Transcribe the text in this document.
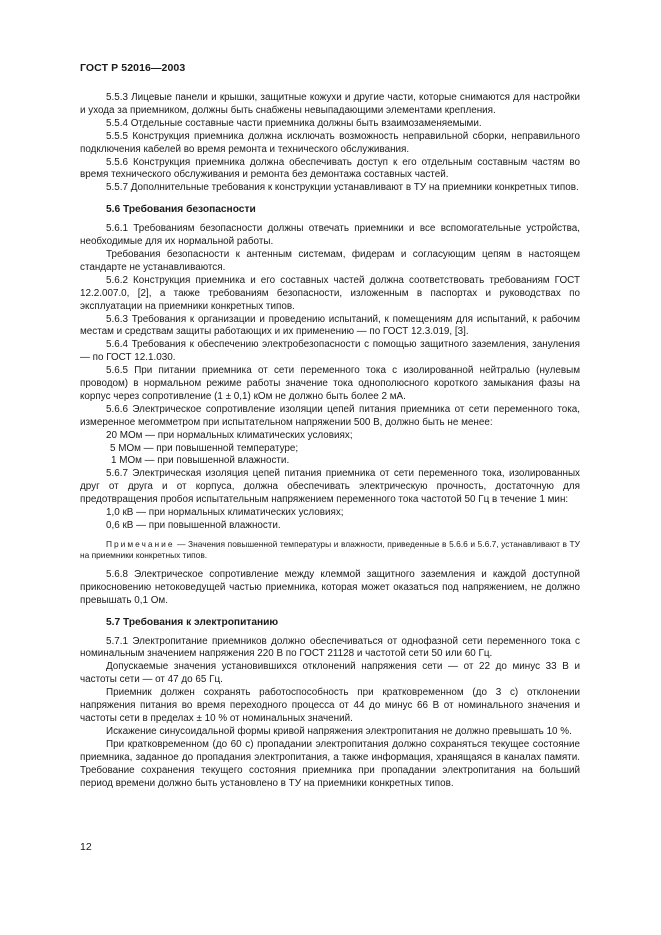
ГОСТ Р 52016—2003

5.5.3 Лицевые панели и крышки, защитные кожухи и другие части, которые снимаются для настройки и ухода за приемником, должны быть снабжены невыпадающими элементами крепления.

5.5.4 Отдельные составные части приемника должны быть взаимозаменяемыми.

5.5.5 Конструкция приемника должна исключать возможность неправильной сборки, неправильного подключения кабелей во время ремонта и технического обслуживания.

5.5.6 Конструкция приемника должна обеспечивать доступ к его отдельным составным частям во время технического обслуживания и ремонта без демонтажа составных частей.

5.5.7 Дополнительные требования к конструкции устанавливают в ТУ на приемники конкретных типов.

5.6 Требования безопасности

5.6.1 Требованиям безопасности должны отвечать приемники и все вспомогательные устройства, необходимые для их нормальной работы.

Требования безопасности к антенным системам, фидерам и согласующим цепям в настоящем стандарте не устанавливаются.

5.6.2 Конструкция приемника и его составных частей должна соответствовать требованиям ГОСТ 12.2.007.0, [2], а также требованиям безопасности, изложенным в паспортах и руководствах по эксплуатации на приемники конкретных типов.

5.6.3 Требования к организации и проведению испытаний, к помещениям для испытаний, к рабочим местам и средствам защиты работающих и их применению — по ГОСТ 12.3.019, [3].

5.6.4 Требования к обеспечению электробезопасности с помощью защитного заземления, зануления — по ГОСТ 12.1.030.

5.6.5 При питании приемника от сети переменного тока с изолированной нейтралью (нулевым проводом) в нормальном режиме работы значение тока однополюсного короткого замыкания фазы на корпус через сопротивление (1 ± 0,1) кОм не должно быть более 2 мА.

5.6.6 Электрическое сопротивление изоляции цепей питания приемника от сети переменного тока, измеренное мегомметром при испытательном напряжении 500 В, должно быть не менее:

20 МОм — при нормальных климатических условиях;

5 МОм — при повышенной температуре;

1 МОм — при повышенной влажности.

5.6.7 Электрическая изоляция цепей питания приемника от сети переменного тока, изолированных друг от друга и от корпуса, должна обеспечивать электрическую прочность, достаточную для предотвращения пробоя испытательным напряжением переменного тока частотой 50 Гц в течение 1 мин:

1,0 кВ — при нормальных климатических условиях;

0,6 кВ — при повышенной влажности.

Примечание — Значения повышенной температуры и влажности, приведенные в 5.6.6 и 5.6.7, устанавливают в ТУ на приемники конкретных типов.

5.6.8 Электрическое сопротивление между клеммой защитного заземления и каждой доступной прикосновению нетоковедущей частью приемника, которая может оказаться под напряжением, не должно превышать 0,1 Ом.

5.7 Требования к электропитанию

5.7.1 Электропитание приемников должно обеспечиваться от однофазной сети переменного тока с номинальным значением напряжения 220 В по ГОСТ 21128 и частотой сети 50 или 60 Гц.

Допускаемые значения установившихся отклонений напряжения сети — от 22 до минус 33 В и частоты сети — от 47 до 65 Гц.

Приемник должен сохранять работоспособность при кратковременном (до 3 с) отклонении напряжения питания во время переходного процесса от 44 до минус 66 В от номинального значения и частоты сети в пределах ± 10 % от номинальных значений.

Искажение синусоидальной формы кривой напряжения электропитания не должно превышать 10 %.

При кратковременном (до 60 с) пропадании электропитания должно сохраняться текущее состояние приемника, заданное до пропадания электропитания, а также информация, хранящаяся в каналах памяти. Требование сохранения текущего состояния приемника при пропадании электропитания на больший период времени должно быть установлено в ТУ на приемники конкретных типов.

12
